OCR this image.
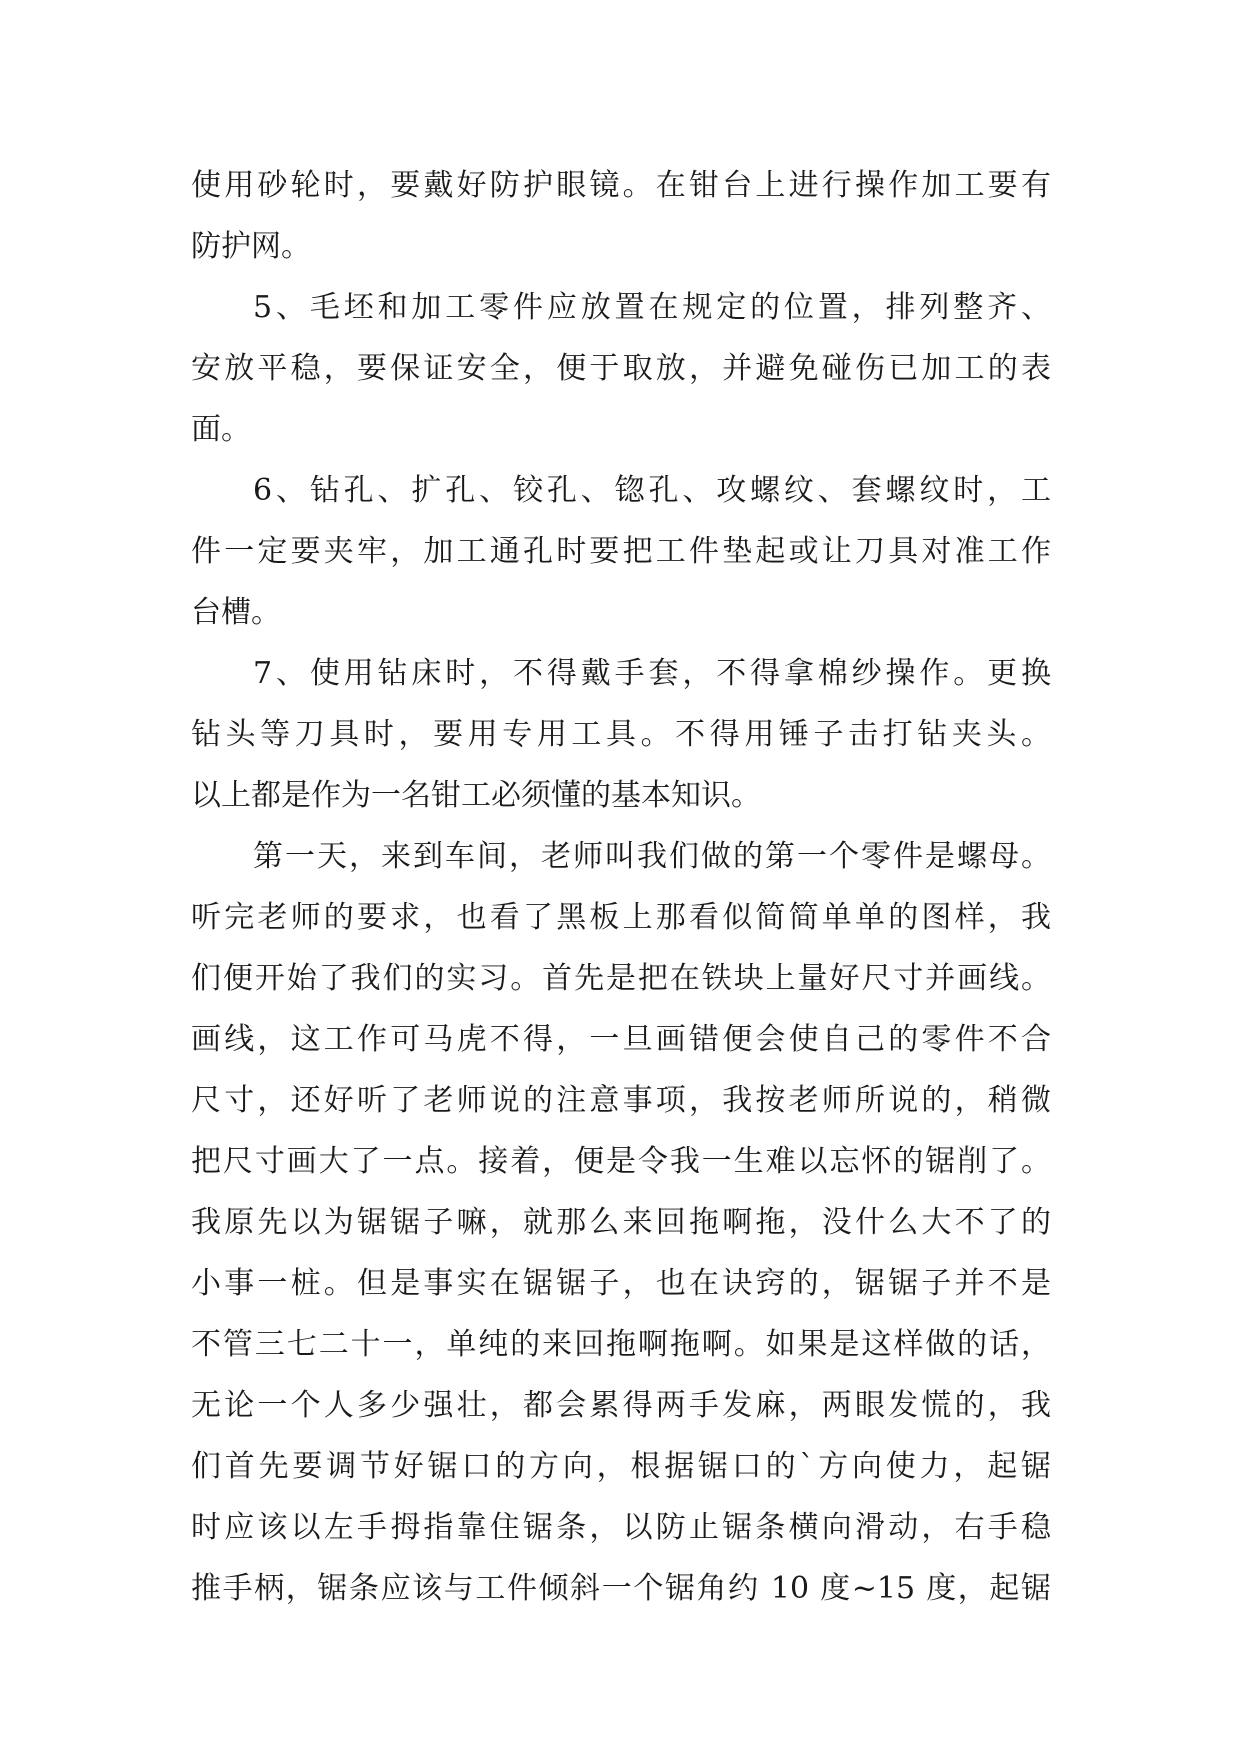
使用砂轮时，要戴好防护眼镜。在钳台上进行操作加工要有
防护网。
5、毛坯和加工零件应放置在规定的位置，排列整齐、
安放平稳，要保证安全，便于取放，并避免碰伤已加工的表
面。
6、钻孔、扩孔、铰孔、锪孔、攻螺纹、套螺纹时，工
件一定要夹牢，加工通孔时要把工件垫起或让刀具对准工作
台槽。
7、使用钻床时，不得戴手套，不得拿棉纱操作。更换
钻头等刀具时，要用专用工具。不得用锤子击打钻夹头。
以上都是作为一名钳工必须懂的基本知识。
第一天，来到车间，老师叫我们做的第一个零件是螺母。
听完老师的要求，也看了黑板上那看似简简单单的图样，我
们便开始了我们的实习。首先是把在铁块上量好尺寸并画线。
画线，这工作可马虎不得，一旦画错便会使自己的零件不合
尺寸，还好听了老师说的注意事项，我按老师所说的，稍微
把尺寸画大了一点。接着，便是令我一生难以忘怀的锯削了。
我原先以为锯锯子嘛，就那么来回拖啊拖，没什么大不了的
小事一桩。但是事实在锯锯子，也在诀窍的，锯锯子并不是
不管三七二十一，单纯的来回拖啊拖啊。如果是这样做的话，
无论一个人多少强壮，都会累得两手发麻，两眼发慌的，我
们首先要调节好锯口的方向，根据锯口的`方向使力，起锯
时应该以左手拇指靠住锯条，以防止锯条横向滑动，右手稳
推手柄，锯条应该与工件倾斜一个锯角约 10 度~15 度，起锯
